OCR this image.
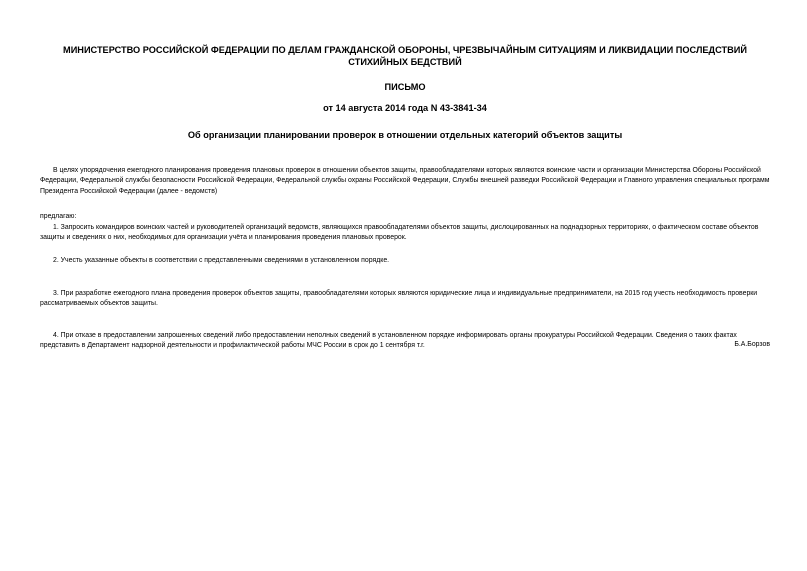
МИНИСТЕРСТВО РОССИЙСКОЙ ФЕДЕРАЦИИ ПО ДЕЛАМ ГРАЖДАНСКОЙ ОБОРОНЫ, ЧРЕЗВЫЧАЙНЫМ СИТУАЦИЯМ И ЛИКВИДАЦИИ ПОСЛЕДСТВИЙ СТИХИЙНЫХ БЕДСТВИЙ

ПИСЬМО

от 14 августа 2014 года N 43-3841-34

Об организации планировании проверок в отношении отдельных категорий объектов защиты

В целях упорядочения ежегодного планирования проведения плановых проверок в отношении объектов защиты, правообладателями которых являются воинские части и организации Министерства Обороны Российской Федерации, Федеральной службы безопасности Российской Федерации, Федеральной службы охраны Российской Федерации, Службы внешней разведки Российской Федерации и Главного управления специальных программ Президента Российской Федерации (далее - ведомств)

предлагаю:

1. Запросить командиров воинских частей и руководителей организаций ведомств, являющихся правообладателями объектов защиты, дислоцированных на поднадзорных территориях, о фактическом составе объектов защиты и сведениях о них, необходимых для организации учёта и планирования проведения плановых проверок.

2. Учесть указанные объекты в соответствии с представленными сведениями в установленном порядке.

3. При разработке ежегодного плана проведения проверок объектов защиты, правообладателями которых являются юридические лица и индивидуальные предприниматели, на 2015 год учесть необходимость проверки рассматриваемых объектов защиты.

4. При отказе в предоставлении запрошенных сведений либо предоставлении неполных сведений в установленном порядке информировать органы прокуратуры Российской Федерации. Сведения о таких фактах представить в Департамент надзорной деятельности и профилактической работы МЧС России в срок до 1 сентября т.г.	Б.А.Борзов
